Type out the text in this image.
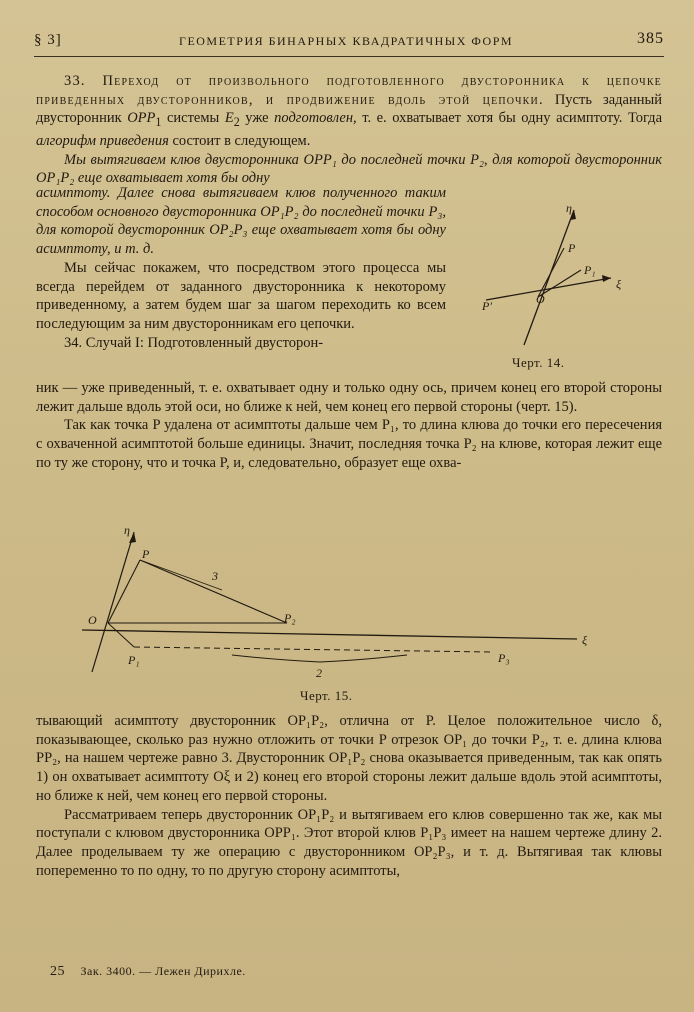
§ 3]	ГЕОМЕТРИЯ БИНАРНЫХ КВАДРАТИЧНЫХ ФОРМ	385

33. Переход от произвольного подготовленного двусторонника к цепочке приведенных двусторонников, и продвижение вдоль этой цепочки. Пусть заданный двусторонник $OPP_1$ системы $E_2$ уже подготовлен, т. е. охватывает хотя бы одну асимптоту. Тогда алгорифм приведения состоит в следующем.

Мы вытягиваем клюв двусторонника OPP₁ до последней точки P₂, для которой двусторонник OP₁P₂ еще охватывает хотя бы одну

асимптоту. Далее снова вытягиваем клюв полученного таким способом основного двусторонника OP₁P₂ до последней точки P₃, для которой двусторонник OP₂P₃ еще охватывает хотя бы одну асимптоту, и т. д.

Мы сейчас покажем, что посредством этого процесса мы всегда перейдем от заданного двусторонника к некоторому приведенному, а затем будем шаг за шагом переходить ко всем последующим за ним двусторонникам его цепочки.

34. Случай I: Подготовленный двусторон-

η
P
P₁
ξ
O
P'
Черт. 14.

ник — уже приведенный, т. е. охватывает одну и только одну ось, причем конец его второй стороны лежит дальше вдоль этой оси, но ближе к ней, чем конец его первой стороны (черт. 15).

Так как точка P удалена от асимптоты дальше чем P₁, то длина клюва до точки его пересечения с охваченной асимптотой больше единицы. Значит, последняя точка P₂ на клюве, которая лежит еще по ту же сторону, что и точка P, и, следовательно, образует еще охва-

η
P
3
O	P₂
ξ
P₁	P₃
2
Черт. 15.

тывающий асимптоту двусторонник OP₁P₂, отлична от P. Целое положительное число δ, показывающее, сколько раз нужно отложить от точки P отрезок OP₁ до точки P₂, т. е. длина клюва PP₂, на нашем чертеже равно 3. Двусторонник OP₁P₂ снова оказывается приведенным, так как опять 1) он охватывает асимптоту Oξ и 2) конец его второй стороны лежит дальше вдоль этой асимптоты, но ближе к ней, чем конец его первой стороны.

Рассматриваем теперь двусторонник OP₁P₂ и вытягиваем его клюв совершенно так же, как мы поступали с клювом двусторонника OPP₁. Этот второй клюв P₁P₃ имеет на нашем чертеже длину 2. Далее проделываем ту же операцию с двусторонником OP₂P₃, и т. д. Вытягивая так клювы попеременно то по одну, то по другую сторону асимптоты,

25 Зак. 3400. — Лежен Дирихле.
